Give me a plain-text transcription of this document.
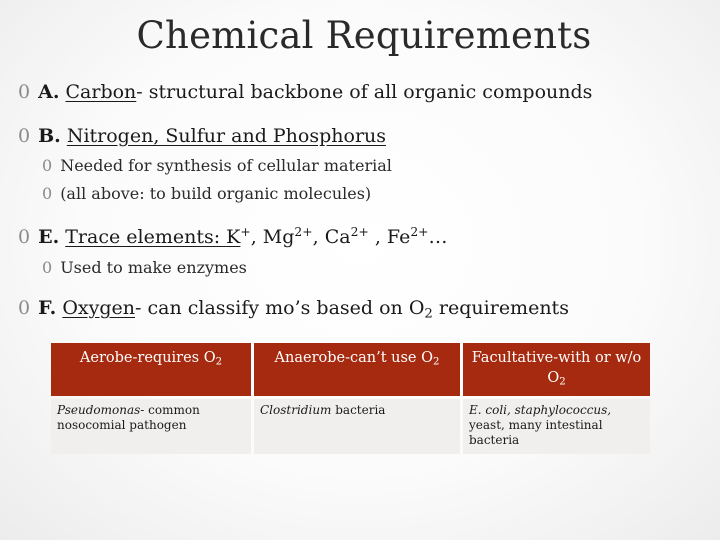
Chemical Requirements
0 A. Carbon- structural backbone of all organic compounds
0 B. Nitrogen, Sulfur and Phosphorus
0 Needed for synthesis of cellular material
0 (all above: to build organic molecules)
0 E. Trace elements: K+, $Mg^{2+}$, $Ca^{2+}$ , $Fe^{2+}\dots$
0 Used to make enzymes
0 F. Oxygen- can classify mo’s based on $O_2$ requirements
Aerobe-requires $O_2$	Anaerobe-can’t use $O_2$	Facultative-with or w/o $O_2$
Pseudomonas- common nosocomial pathogen	Clostridium bacteria	E. coli, staphylococcus, yeast, many intestinal bacteria
